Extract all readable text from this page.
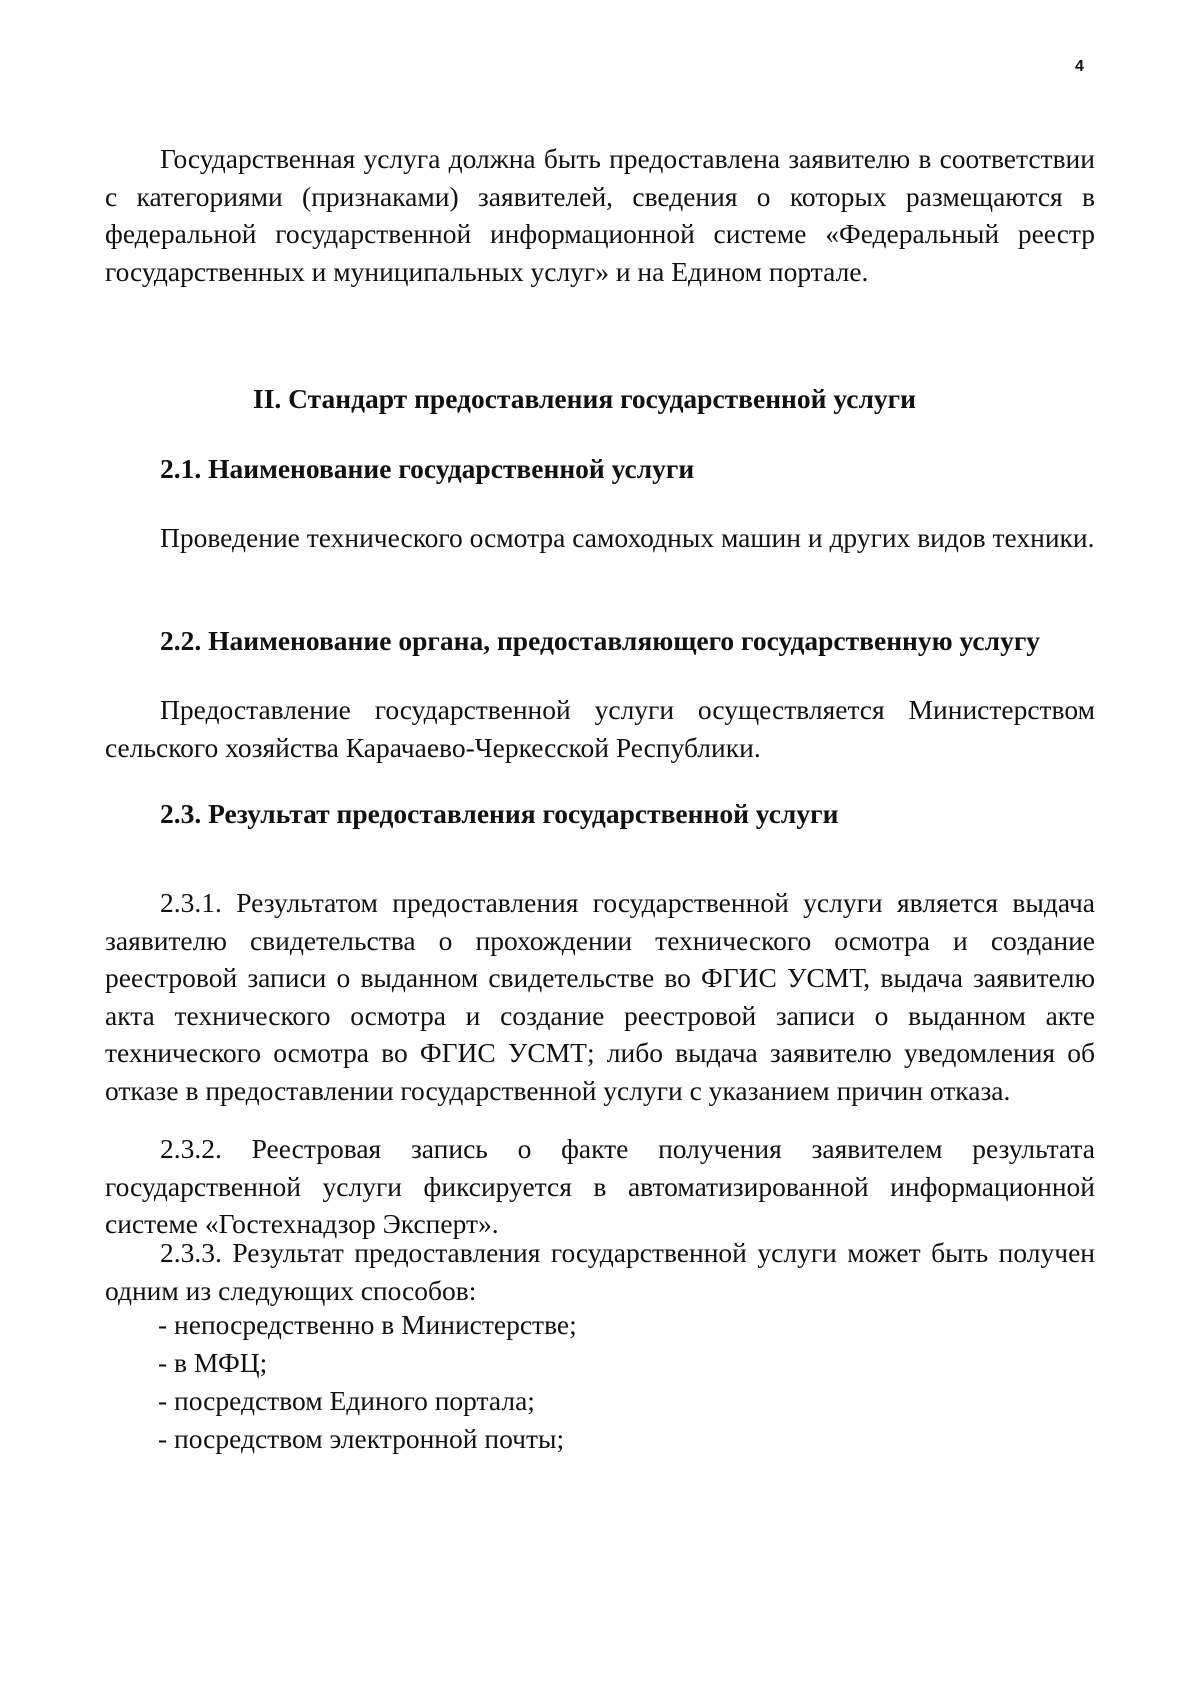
4
Государственная услуга должна быть предоставлена заявителю в соответствии с категориями (признаками) заявителей, сведения о которых размещаются в федеральной государственной информационной системе «Федеральный реестр государственных и муниципальных услуг» и на Едином портале.
II. Стандарт предоставления государственной услуги
2.1. Наименование государственной услуги
Проведение технического осмотра самоходных машин и других видов техники.
2.2. Наименование органа, предоставляющего государственную услугу
Предоставление государственной услуги осуществляется Министерством сельского хозяйства Карачаево-Черкесской Республики.
2.3. Результат предоставления государственной услуги
2.3.1. Результатом предоставления государственной услуги является выдача заявителю свидетельства о прохождении технического осмотра и создание реестровой записи о выданном свидетельстве во ФГИС УСМТ, выдача заявителю акта технического осмотра и создание реестровой записи о выданном акте технического осмотра во ФГИС УСМТ; либо выдача заявителю уведомления об отказе в предоставлении государственной услуги с указанием причин отказа.
2.3.2. Реестровая запись о факте получения заявителем результата государственной услуги фиксируется в автоматизированной информационной системе «Гостехнадзор Эксперт».
2.3.3. Результат предоставления государственной услуги может быть получен одним из следующих способов:
- непосредственно в Министерстве;
- в МФЦ;
- посредством Единого портала;
- посредством электронной почты;
